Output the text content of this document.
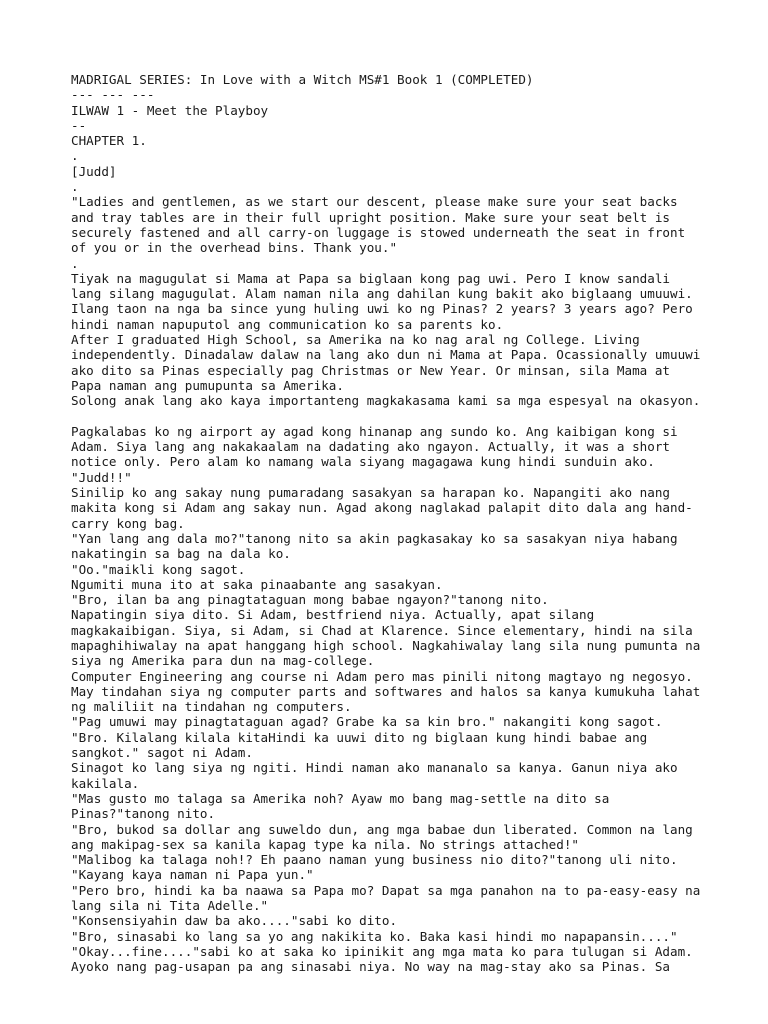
MADRIGAL SERIES: In Love with a Witch MS#1 Book 1 (COMPLETED)

--- --- ---

ILWAW 1 - Meet the Playboy

--

CHAPTER 1.

.

[Judd]

.

"Ladies and gentlemen, as we start our descent, please make sure your seat backs

and tray tables are in their full upright position. Make sure your seat belt is

securely fastened and all carry-on luggage is stowed underneath the seat in front

of you or in the overhead bins. Thank you."

.

Tiyak na magugulat si Mama at Papa sa biglaan kong pag uwi. Pero I know sandali

lang silang magugulat. Alam naman nila ang dahilan kung bakit ako biglaang umuuwi.

Ilang taon na nga ba since yung huling uwi ko ng Pinas? 2 years? 3 years ago? Pero

hindi naman napuputol ang communication ko sa parents ko.

After I graduated High School, sa Amerika na ko nag aral ng College. Living

independently. Dinadalaw dalaw na lang ako dun ni Mama at Papa. Ocassionally umuuwi

ako dito sa Pinas especially pag Christmas or New Year. Or minsan, sila Mama at

Papa naman ang pumupunta sa Amerika.

Solong anak lang ako kaya importanteng magkakasama kami sa mga espesyal na okasyon.

Pagkalabas ko ng airport ay agad kong hinanap ang sundo ko. Ang kaibigan kong si

Adam. Siya lang ang nakakaalam na dadating ako ngayon. Actually, it was a short

notice only. Pero alam ko namang wala siyang magagawa kung hindi sunduin ako.

"Judd!!"

Sinilip ko ang sakay nung pumaradang sasakyan sa harapan ko. Napangiti ako nang

makita kong si Adam ang sakay nun. Agad akong naglakad palapit dito dala ang hand-

carry kong bag.

"Yan lang ang dala mo?"tanong nito sa akin pagkasakay ko sa sasakyan niya habang

nakatingin sa bag na dala ko.

"Oo."maikli kong sagot.

Ngumiti muna ito at saka pinaabante ang sasakyan.

"Bro, ilan ba ang pinagtataguan mong babae ngayon?"tanong nito.

Napatingin siya dito. Si Adam, bestfriend niya. Actually, apat silang

magkakaibigan. Siya, si Adam, si Chad at Klarence. Since elementary, hindi na sila

mapaghihiwalay na apat hanggang high school. Nagkahiwalay lang sila nung pumunta na

siya ng Amerika para dun na mag-college.

Computer Engineering ang course ni Adam pero mas pinili nitong magtayo ng negosyo.

May tindahan siya ng computer parts and softwares and halos sa kanya kumukuha lahat

ng maliliit na tindahan ng computers.

"Pag umuwi may pinagtataguan agad? Grabe ka sa kin bro." nakangiti kong sagot.

"Bro. Kilalang kilala kitaHindi ka uuwi dito ng biglaan kung hindi babae ang

sangkot." sagot ni Adam.

Sinagot ko lang siya ng ngiti. Hindi naman ako mananalo sa kanya. Ganun niya ako

kakilala.

"Mas gusto mo talaga sa Amerika noh? Ayaw mo bang mag-settle na dito sa

Pinas?"tanong nito.

"Bro, bukod sa dollar ang suweldo dun, ang mga babae dun liberated. Common na lang

ang makipag-sex sa kanila kapag type ka nila. No strings attached!"

"Malibog ka talaga noh!? Eh paano naman yung business nio dito?"tanong uli nito.

"Kayang kaya naman ni Papa yun."

"Pero bro, hindi ka ba naawa sa Papa mo? Dapat sa mga panahon na to pa-easy-easy na

lang sila ni Tita Adelle."

"Konsensiyahin daw ba ako...."sabi ko dito.

"Bro, sinasabi ko lang sa yo ang nakikita ko. Baka kasi hindi mo napapansin...."

"Okay...fine...."sabi ko at saka ko ipinikit ang mga mata ko para tulugan si Adam.

Ayoko nang pag-usapan pa ang sinasabi niya. No way na mag-stay ako sa Pinas. Sa
